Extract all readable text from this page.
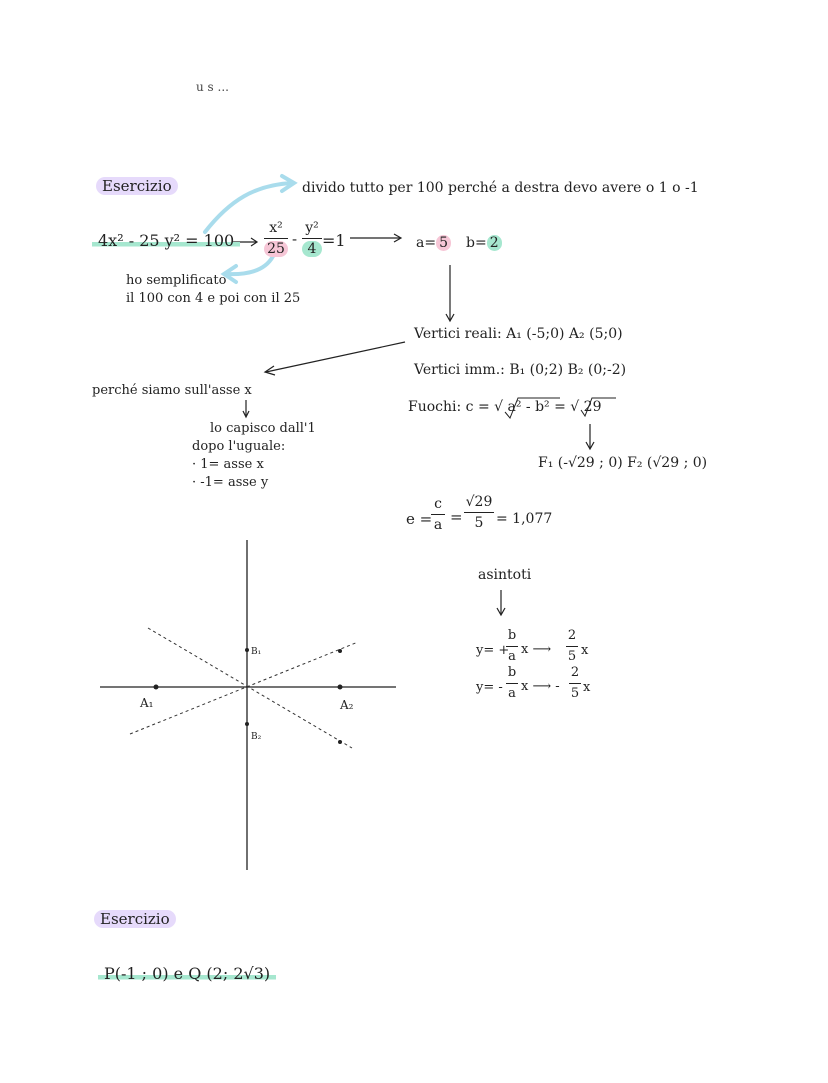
u s ...
Esercizio	divido tutto per 100 perché a destra devo avere o 1 o -1
4x² - 25 y² = 100
x²
25
-
y²
4 =1	a= 5 b= 2
ho semplificato
il 100 con 4 e poi con il 25
Vertici reali: A₁ (-5;0) A₂ (5;0)
Vertici imm.: B₁ (0;2) B₂ (0;-2)
Fuochi: c = √ a² - b² = √ 29
F₁ (-√29 ; 0) F₂ (√29 ; 0)
perché siamo sull'asse x
lo capisco dall'1
dopo l'uguale:
· 1= asse x
· -1= asse y
e =
c
a =
√29
5 = 1,077
asintoti
y= +
b
a x ⟶
2
5 x
y= -
b
a x ⟶ -
2
5 x
A₁	A₂
B₁
B₂
Esercizio
P(-1 ; 0) e Q (2; 2√3)
